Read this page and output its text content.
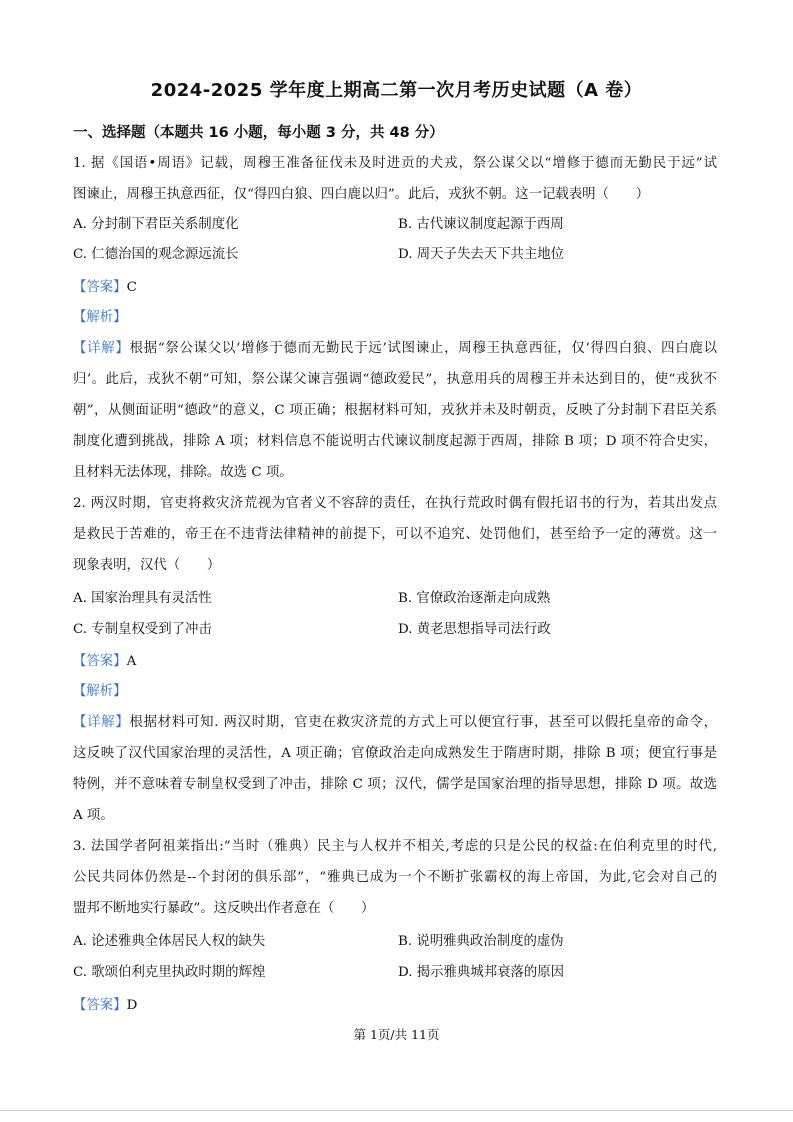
2024-2025 学年度上期高二第一次月考历史试题（A 卷）
一、选择题（本题共 16 小题，每小题 3 分，共 48 分）
1. 据《国语•周语》记载，周穆王准备征伐未及时进贡的犬戎，祭公谋父以“增修于德而无勤民于远”试
图谏止，周穆王执意西征，仅“得四白狼、四白鹿以归”。此后，戎狄不朝。这一记载表明（　　）
A. 分封制下君臣关系制度化	B. 古代谏议制度起源于西周
C. 仁德治国的观念源远流长	D. 周天子失去天下共主地位
【答案】C
【解析】
【详解】根据“祭公谋父以‘增修于德而无勤民于远’试图谏止，周穆王执意西征，仅‘得四白狼、四白鹿以
归’。此后，戎狄不朝”可知，祭公谋父谏言强调“德政爱民”，执意用兵的周穆王并未达到目的，使“戎狄不
朝”，从侧面证明“德政”的意义，C 项正确；根据材料可知，戎狄并未及时朝贡，反映了分封制下君臣关系
制度化遭到挑战，排除 A 项；材料信息不能说明古代谏议制度起源于西周，排除 B 项；D 项不符合史实，
且材料无法体现，排除。故选 C 项。
2. 两汉时期，官吏将救灾济荒视为官者义不容辞的责任，在执行荒政时偶有假托诏书的行为，若其出发点
是救民于苦难的，帝王在不违背法律精神的前提下，可以不追究、处罚他们，甚至给予一定的薄赏。这一
现象表明，汉代（　　）
A. 国家治理具有灵活性	B. 官僚政治逐渐走向成熟
C. 专制皇权受到了冲击	D. 黄老思想指导司法行政
【答案】A
【解析】
【详解】根据材料可知. 两汉时期，官吏在救灾济荒的方式上可以便宜行事，甚至可以假托皇帝的命令，
这反映了汉代国家治理的灵活性，A 项正确；官僚政治走向成熟发生于隋唐时期，排除 B 项；便宜行事是
特例，并不意味着专制皇权受到了冲击，排除 C 项；汉代，儒学是国家治理的指导思想，排除 D 项。故选
A 项。
3. 法国学者阿祖莱指出:“当时（雅典）民主与人权并不相关,考虑的只是公民的权益:在伯利克里的时代,
公民共同体仍然是--个封闭的俱乐部”，“雅典已成为一个不断扩张霸权的海上帝国，为此,它会对自己的
盟邦不断地实行暴政”。这反映出作者意在（　　）
A. 论述雅典全体居民人权的缺失	B. 说明雅典政治制度的虚伪
C. 歌颂伯利克里执政时期的辉煌	D. 揭示雅典城邦衰落的原因
【答案】D
第 1页/共 11页
